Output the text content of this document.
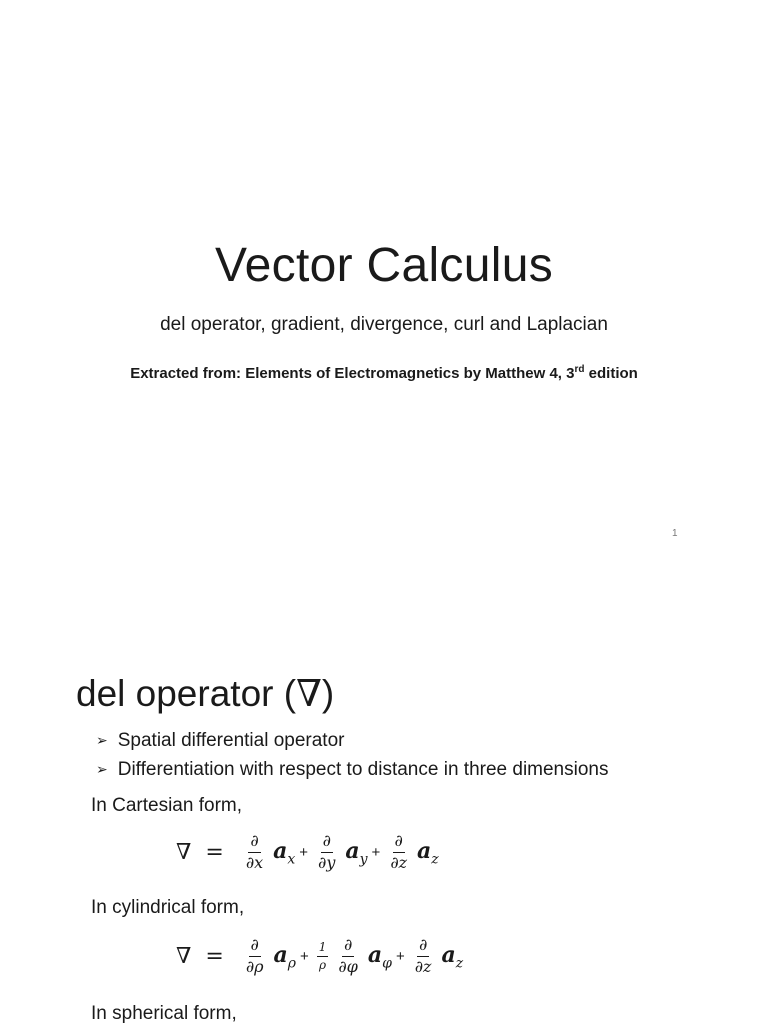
Vector Calculus
del operator, gradient, divergence, curl and Laplacian
Extracted from: Elements of Electromagnetics by Matthew 4, 3rd edition
1
del operator (∇)
➢ Spatial differential operator
➢ Differentiation with respect to distance in three dimensions
In Cartesian form,
∇ = $\frac{\partial}{\partial x} a_x + \frac{\partial}{\partial y} a_y + \frac{\partial}{\partial z} a_z$
In cylindrical form,
∇ = $\frac{\partial}{\partial\rho} a_\rho + \frac{1}{\rho} \frac{\partial}{\partial\varphi} a_\varphi + \frac{\partial}{\partial z} a_z$
In spherical form,
